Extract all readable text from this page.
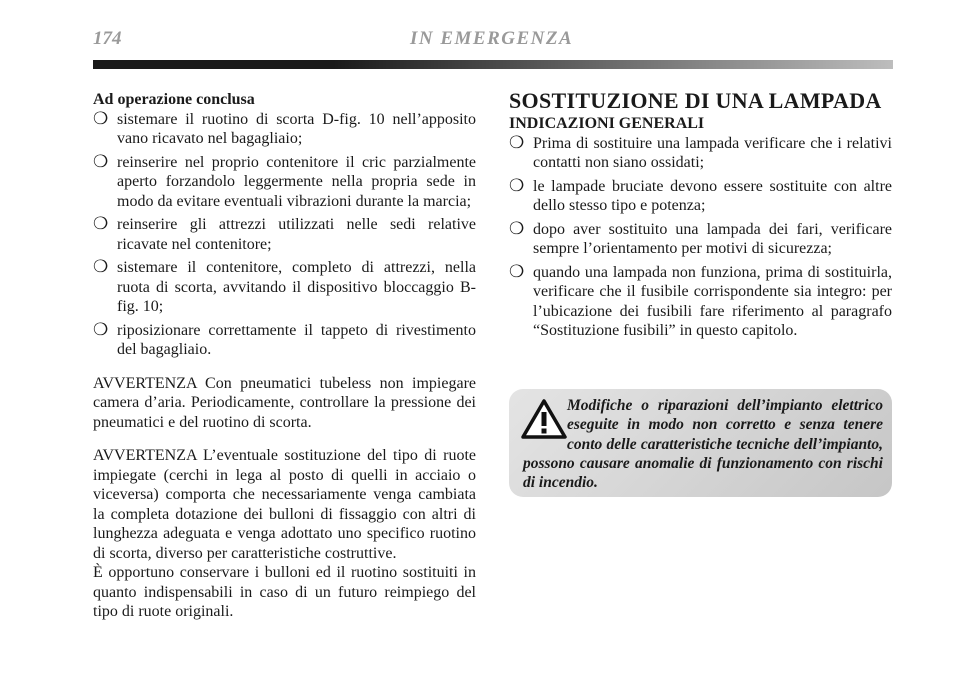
174	IN EMERGENZA

Ad operazione conclusa

❍ sistemare il ruotino di scorta D-fig. 10 nell’apposito vano ricavato nel bagagliaio;
❍ reinserire nel proprio contenitore il cric parzialmente aperto forzandolo leggermente nella propria sede in modo da evitare eventuali vibrazioni durante la marcia;
❍ reinserire gli attrezzi utilizzati nelle sedi relative ricavate nel contenitore;
❍ sistemare il contenitore, completo di attrezzi, nella ruota di scorta, avvitando il dispositivo bloccaggio B-fig. 10;
❍ riposizionare correttamente il tappeto di rivestimento del bagagliaio.

AVVERTENZA Con pneumatici tubeless non impiegare camera d’aria. Periodicamente, controllare la pressione dei pneumatici e del ruotino di scorta.

AVVERTENZA L’eventuale sostituzione del tipo di ruote impiegate (cerchi in lega al posto di quelli in acciaio o viceversa) comporta che necessariamente venga cambiata la completa dotazione dei bulloni di fissaggio con altri di lunghezza adeguata e venga adottato uno specifico ruotino di scorta, diverso per caratteristiche costruttive.

È opportuno conservare i bulloni ed il ruotino sostituiti in quanto indispensabili in caso di un futuro reimpiego del tipo di ruote originali.

SOSTITUZIONE DI UNA LAMPADA

INDICAZIONI GENERALI

❍ Prima di sostituire una lampada verificare che i relativi contatti non siano ossidati;
❍ le lampade bruciate devono essere sostituite con altre dello stesso tipo e potenza;
❍ dopo aver sostituito una lampada dei fari, verificare sempre l’orientamento per motivi di sicurezza;
❍ quando una lampada non funziona, prima di sostituirla, verificare che il fusibile corrispondente sia integro: per l’ubicazione dei fusibili fare riferimento al paragrafo “Sostituzione fusibili” in questo capitolo.

Modifiche o riparazioni dell’impianto elettrico eseguite in modo non corretto e senza tenere conto delle caratteristiche tecniche dell’impianto, possono causare anomalie di funzionamento con rischi di incendio.
